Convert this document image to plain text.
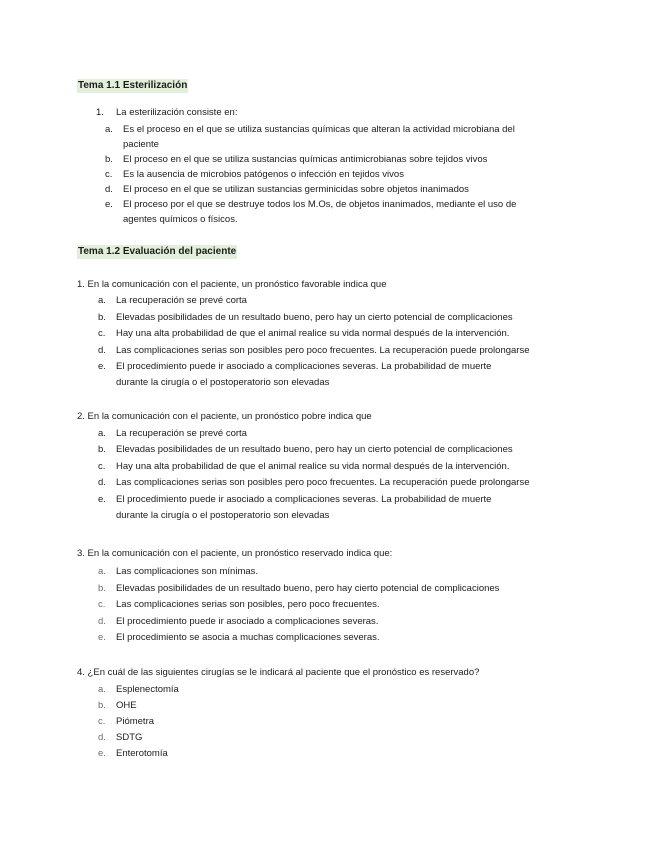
Tema 1.1 Esterilización
1. La esterilización consiste en:
a. Es el proceso en el que se utiliza sustancias químicas que alteran la actividad microbiana del
paciente
b. El proceso en el que se utiliza sustancias químicas antimicrobianas sobre tejidos vivos
c. Es la ausencia de microbios patógenos o infección en tejidos vivos
d. El proceso en el que se utilizan sustancias germinicidas sobre objetos inanimados
e. El proceso por el que se destruye todos los M.Os, de objetos inanimados, mediante el uso de
agentes químicos o físicos.
Tema 1.2 Evaluación del paciente
1. En la comunicación con el paciente, un pronóstico favorable indica que
a. La recuperación se prevé corta
b. Elevadas posibilidades de un resultado bueno, pero hay un cierto potencial de complicaciones
c. Hay una alta probabilidad de que el animal realice su vida normal después de la intervención.
d. Las complicaciones serias son posibles pero poco frecuentes. La recuperación puede prolongarse
e. El procedimiento puede ir asociado a complicaciones severas. La probabilidad de muerte
durante la cirugía o el postoperatorio son elevadas
2. En la comunicación con el paciente, un pronóstico pobre indica que
a. La recuperación se prevé corta
b. Elevadas posibilidades de un resultado bueno, pero hay un cierto potencial de complicaciones
c. Hay una alta probabilidad de que el animal realice su vida normal después de la intervención.
d. Las complicaciones serias son posibles pero poco frecuentes. La recuperación puede prolongarse
e. El procedimiento puede ir asociado a complicaciones severas. La probabilidad de muerte
durante la cirugía o el postoperatorio son elevadas
3. En la comunicación con el paciente, un pronóstico reservado indica que:
a. Las complicaciones son mínimas.
b. Elevadas posibilidades de un resultado bueno, pero hay cierto potencial de complicaciones
c. Las complicaciones serias son posibles, pero poco frecuentes.
d. El procedimiento puede ir asociado a complicaciones severas.
e. El procedimiento se asocia a muchas complicaciones severas.
4. ¿En cuál de las siguientes cirugías se le indicará al paciente que el pronóstico es reservado?
a. Esplenectomía
b. OHE
c. Piómetra
d. SDTG
e. Enterotomía
